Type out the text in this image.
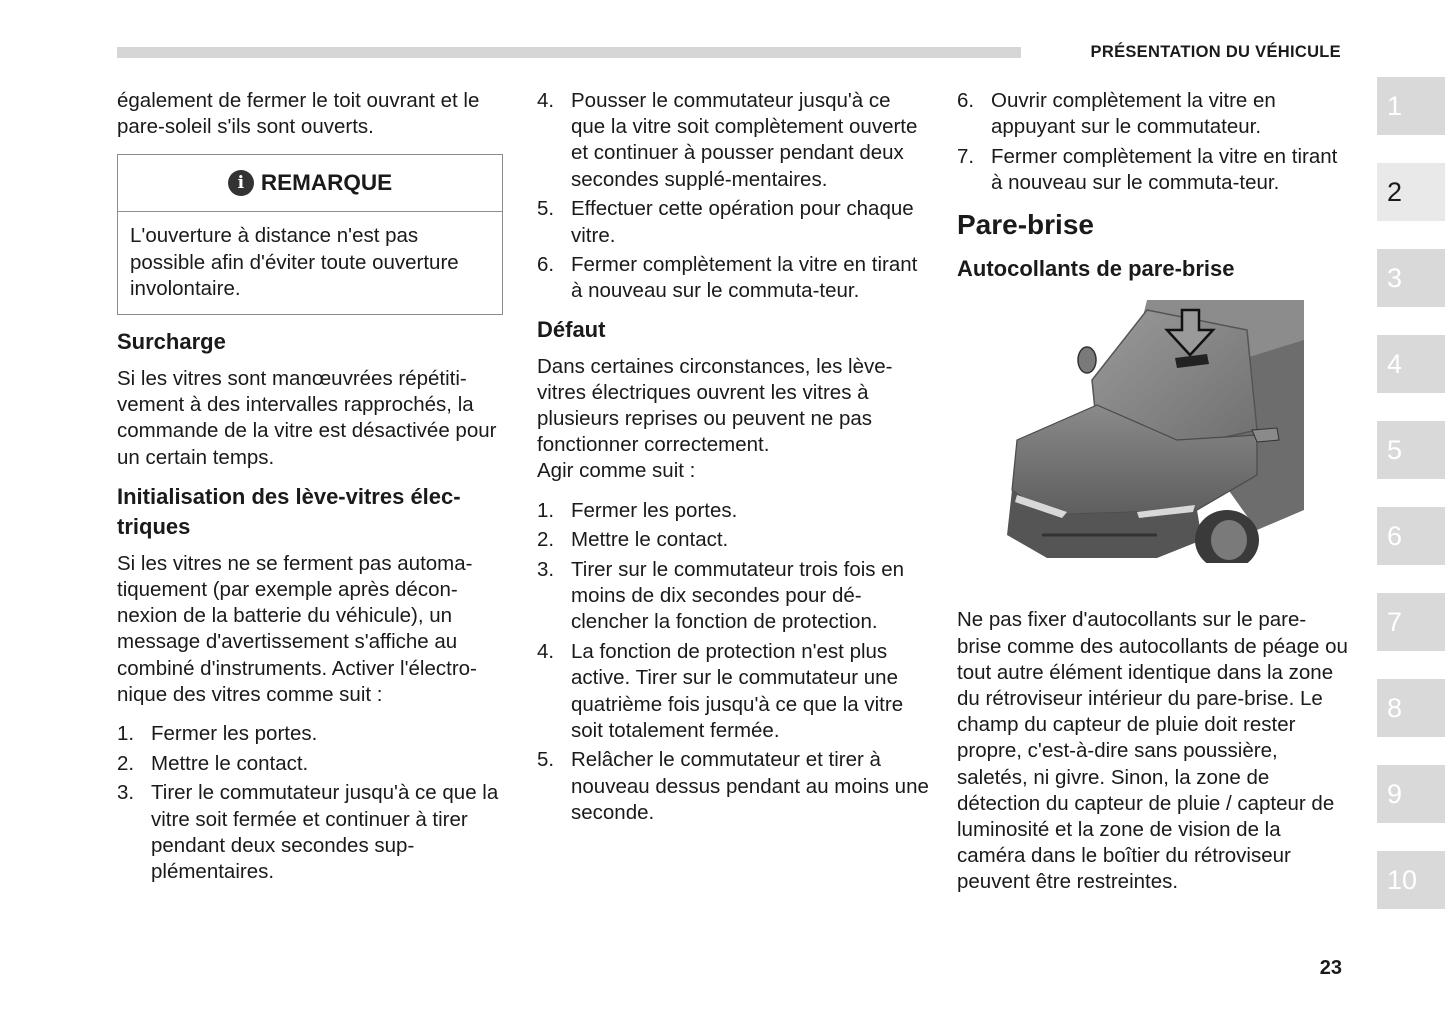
PRÉSENTATION DU VÉHICULE

également de fermer le toit ouvrant et le pare-soleil s'ils sont ouverts.

i REMARQUE
L'ouverture à distance n'est pas possible afin d'éviter toute ouverture involontaire.
Surcharge

Si les vitres sont manœuvrées répétiti-vement à des intervalles rapprochés, la commande de la vitre est désactivée pour un certain temps.

Initialisation des lève-vitres élec-triques

Si les vitres ne se ferment pas automa-tiquement (par exemple après décon-nexion de la batterie du véhicule), un message d'avertissement s'affiche au combiné d'instruments. Activer l'électro-nique des vitres comme suit :

1. Fermer les portes.
2. Mettre le contact.
3. Tirer le commutateur jusqu'à ce que la vitre soit fermée et continuer à tirer pendant deux secondes sup-plémentaires.
4. Pousser le commutateur jusqu'à ce que la vitre soit complètement ouverte et continuer à pousser pendant deux secondes supplé-mentaires.
5. Effectuer cette opération pour chaque vitre.
6. Fermer complètement la vitre en tirant à nouveau sur le commuta-teur.
Défaut

Dans certaines circonstances, les lève-vitres électriques ouvrent les vitres à plusieurs reprises ou peuvent ne pas fonctionner correctement.

Agir comme suit :

1. Fermer les portes.
2. Mettre le contact.
3. Tirer sur le commutateur trois fois en moins de dix secondes pour dé-clencher la fonction de protection.
4. La fonction de protection n'est plus active. Tirer sur le commutateur une quatrième fois jusqu'à ce que la vitre soit totalement fermée.
5. Relâcher le commutateur et tirer à nouveau dessus pendant au moins une seconde.
6. Ouvrir complètement la vitre en appuyant sur le commutateur.
7. Fermer complètement la vitre en tirant à nouveau sur le commuta-teur.
Pare-brise
Autocollants de pare-brise

Ne pas fixer d'autocollants sur le pare-brise comme des autocollants de péage ou tout autre élément identique dans la zone du rétroviseur intérieur du pare-brise. Le champ du capteur de pluie doit rester propre, c'est-à-dire sans poussière, saletés, ni givre. Sinon, la zone de détection du capteur de pluie / capteur de luminosité et la zone de vision de la caméra dans le boîtier du rétroviseur peuvent être restreintes.

1
2
3
4
5
6
7
8
9
10
23
